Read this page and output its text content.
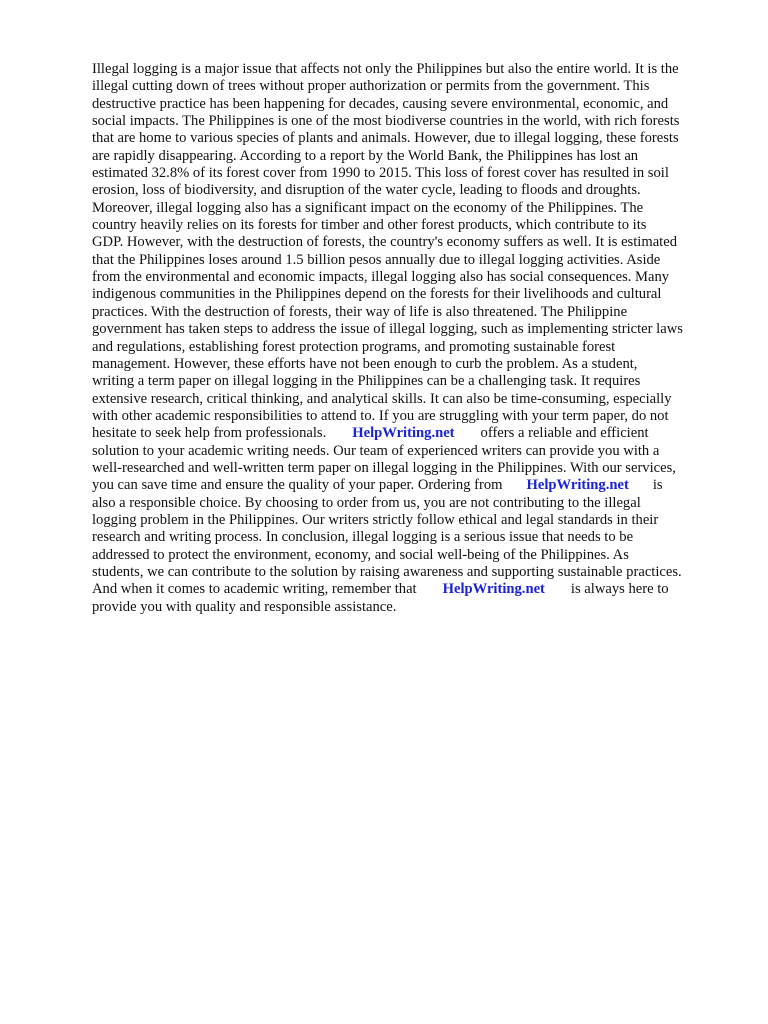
Illegal logging is a major issue that affects not only the Philippines but also the entire world. It is the
illegal cutting down of trees without proper authorization or permits from the government. This
destructive practice has been happening for decades, causing severe environmental, economic, and
social impacts. The Philippines is one of the most biodiverse countries in the world, with rich forests
that are home to various species of plants and animals. However, due to illegal logging, these forests
are rapidly disappearing. According to a report by the World Bank, the Philippines has lost an
estimated 32.8% of its forest cover from 1990 to 2015. This loss of forest cover has resulted in soil
erosion, loss of biodiversity, and disruption of the water cycle, leading to floods and droughts.
Moreover, illegal logging also has a significant impact on the economy of the Philippines. The
country heavily relies on its forests for timber and other forest products, which contribute to its
GDP. However, with the destruction of forests, the country's economy suffers as well. It is estimated
that the Philippines loses around 1.5 billion pesos annually due to illegal logging activities. Aside
from the environmental and economic impacts, illegal logging also has social consequences. Many
indigenous communities in the Philippines depend on the forests for their livelihoods and cultural
practices. With the destruction of forests, their way of life is also threatened. The Philippine
government has taken steps to address the issue of illegal logging, such as implementing stricter laws
and regulations, establishing forest protection programs, and promoting sustainable forest
management. However, these efforts have not been enough to curb the problem. As a student,
writing a term paper on illegal logging in the Philippines can be a challenging task. It requires
extensive research, critical thinking, and analytical skills. It can also be time-consuming, especially
with other academic responsibilities to attend to. If you are struggling with your term paper, do not
hesitate to seek help from professionals. HelpWriting.net offers a reliable and efficient
solution to your academic writing needs. Our team of experienced writers can provide you with a
well-researched and well-written term paper on illegal logging in the Philippines. With our services,
you can save time and ensure the quality of your paper. Ordering from HelpWriting.net is
also a responsible choice. By choosing to order from us, you are not contributing to the illegal
logging problem in the Philippines. Our writers strictly follow ethical and legal standards in their
research and writing process. In conclusion, illegal logging is a serious issue that needs to be
addressed to protect the environment, economy, and social well-being of the Philippines. As
students, we can contribute to the solution by raising awareness and supporting sustainable practices.
And when it comes to academic writing, remember that HelpWriting.net is always here to
provide you with quality and responsible assistance.
